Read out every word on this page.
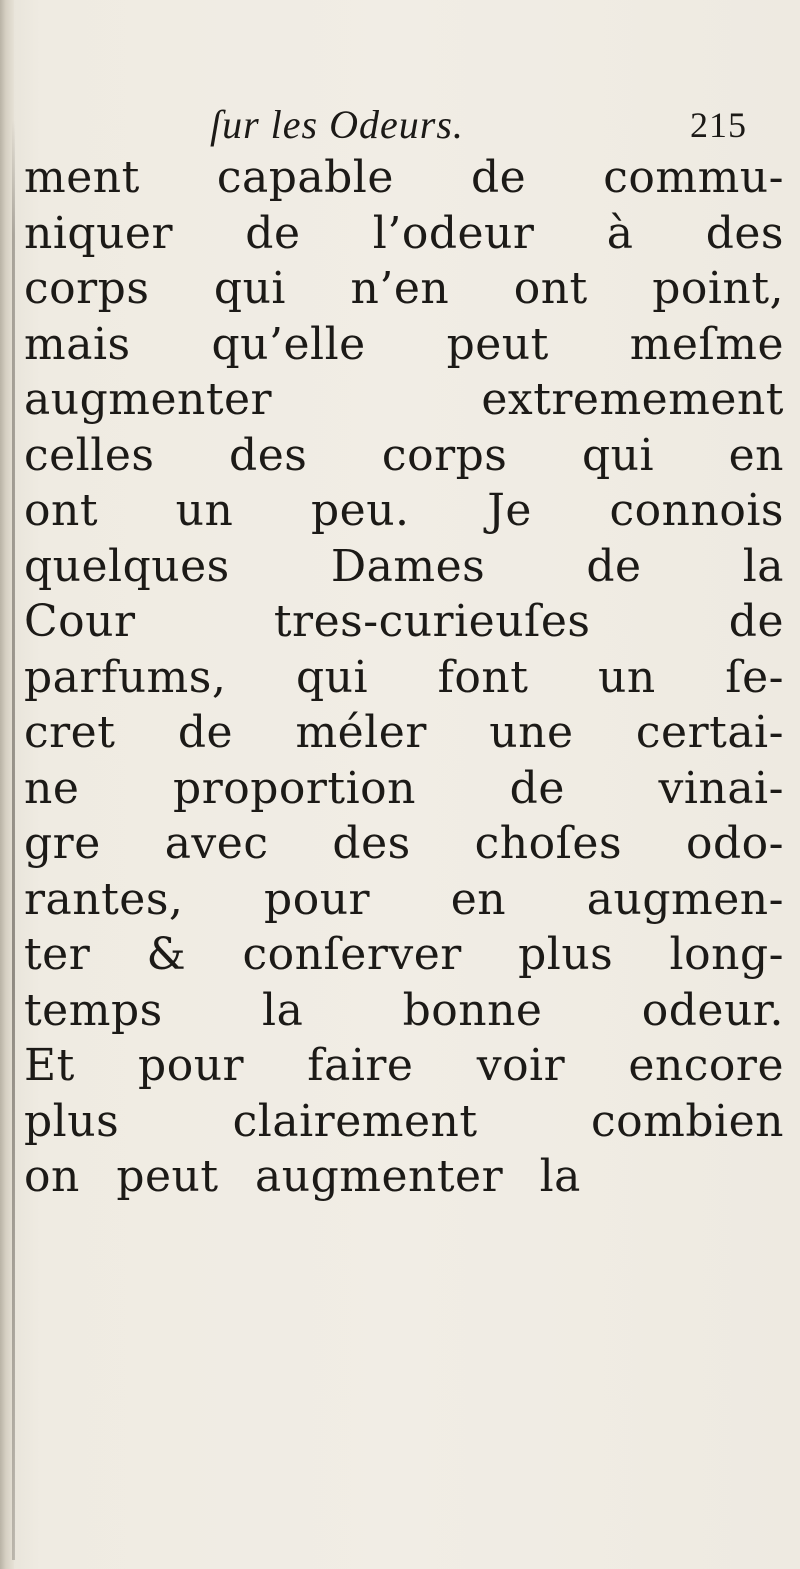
ſur les Odeurs.	215
ment capable de commu-
niquer de l’odeur à des
corps qui n’en ont point,
mais qu’elle peut meſme
augmenter extremement
celles des corps qui en
ont un peu. Je connois
quelques Dames de la
Cour tres-curieuſes de
parfums, qui font un ſe-
cret de méler une certai-
ne proportion de vinai-
gre avec des choſes odo-
rantes, pour en augmen-
ter & conſerver plus long-
temps la bonne odeur.
Et pour faire voir encore
plus clairement combien
on peut augmenter la
